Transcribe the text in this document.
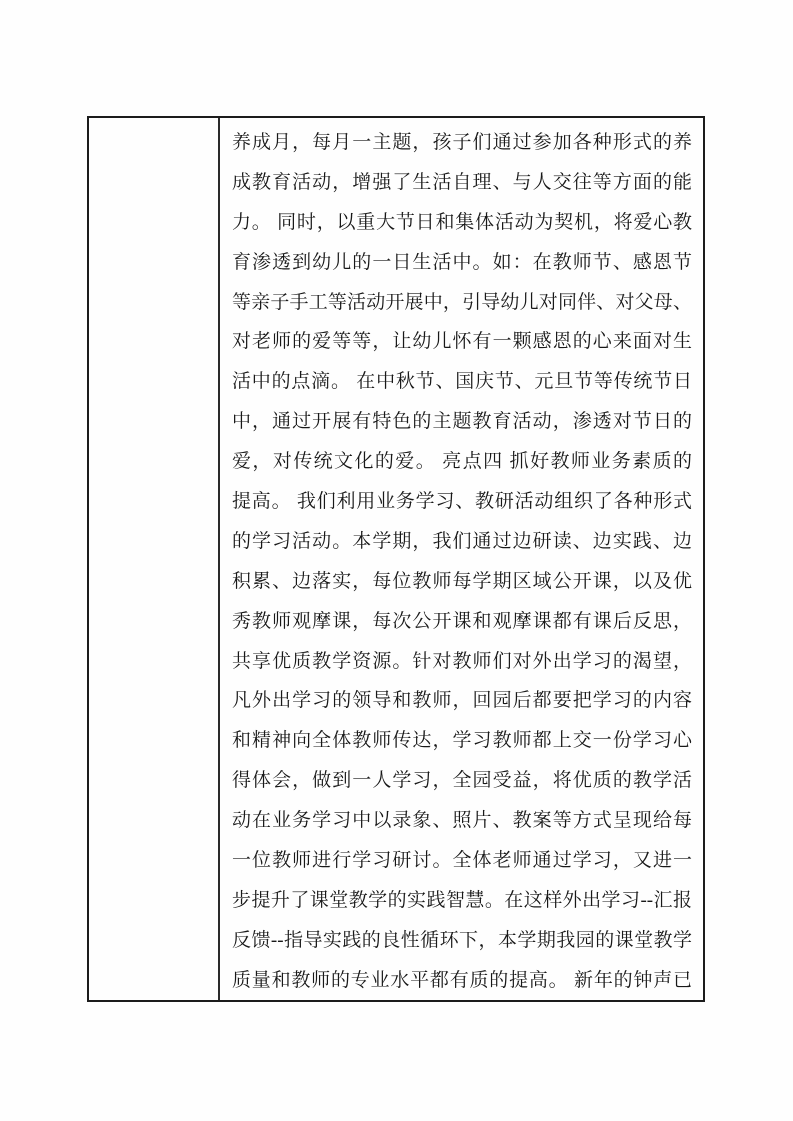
养成月，每月一主题，孩子们通过参加各种形式的养
成教育活动，增强了生活自理、与人交往等方面的能
力。 同时，以重大节日和集体活动为契机，将爱心教
育渗透到幼儿的一日生活中。如：在教师节、感恩节
等亲子手工等活动开展中，引导幼儿对同伴、对父母、
对老师的爱等等，让幼儿怀有一颗感恩的心来面对生
活中的点滴。 在中秋节、国庆节、元旦节等传统节日
中，通过开展有特色的主题教育活动，渗透对节日的
爱，对传统文化的爱。 亮点四 抓好教师业务素质的
提高。 我们利用业务学习、教研活动组织了各种形式
的学习活动。本学期，我们通过边研读、边实践、边
积累、边落实，每位教师每学期区域公开课，以及优
秀教师观摩课，每次公开课和观摩课都有课后反思，
共享优质教学资源。针对教师们对外出学习的渴望，
凡外出学习的领导和教师，回园后都要把学习的内容
和精神向全体教师传达，学习教师都上交一份学习心
得体会，做到一人学习，全园受益，将优质的教学活
动在业务学习中以录象、照片、教案等方式呈现给每
一位教师进行学习研讨。全体老师通过学习，又进一
步提升了课堂教学的实践智慧。在这样外出学习--汇报
反馈--指导实践的良性循环下，本学期我园的课堂教学
质量和教师的专业水平都有质的提高。 新年的钟声已
